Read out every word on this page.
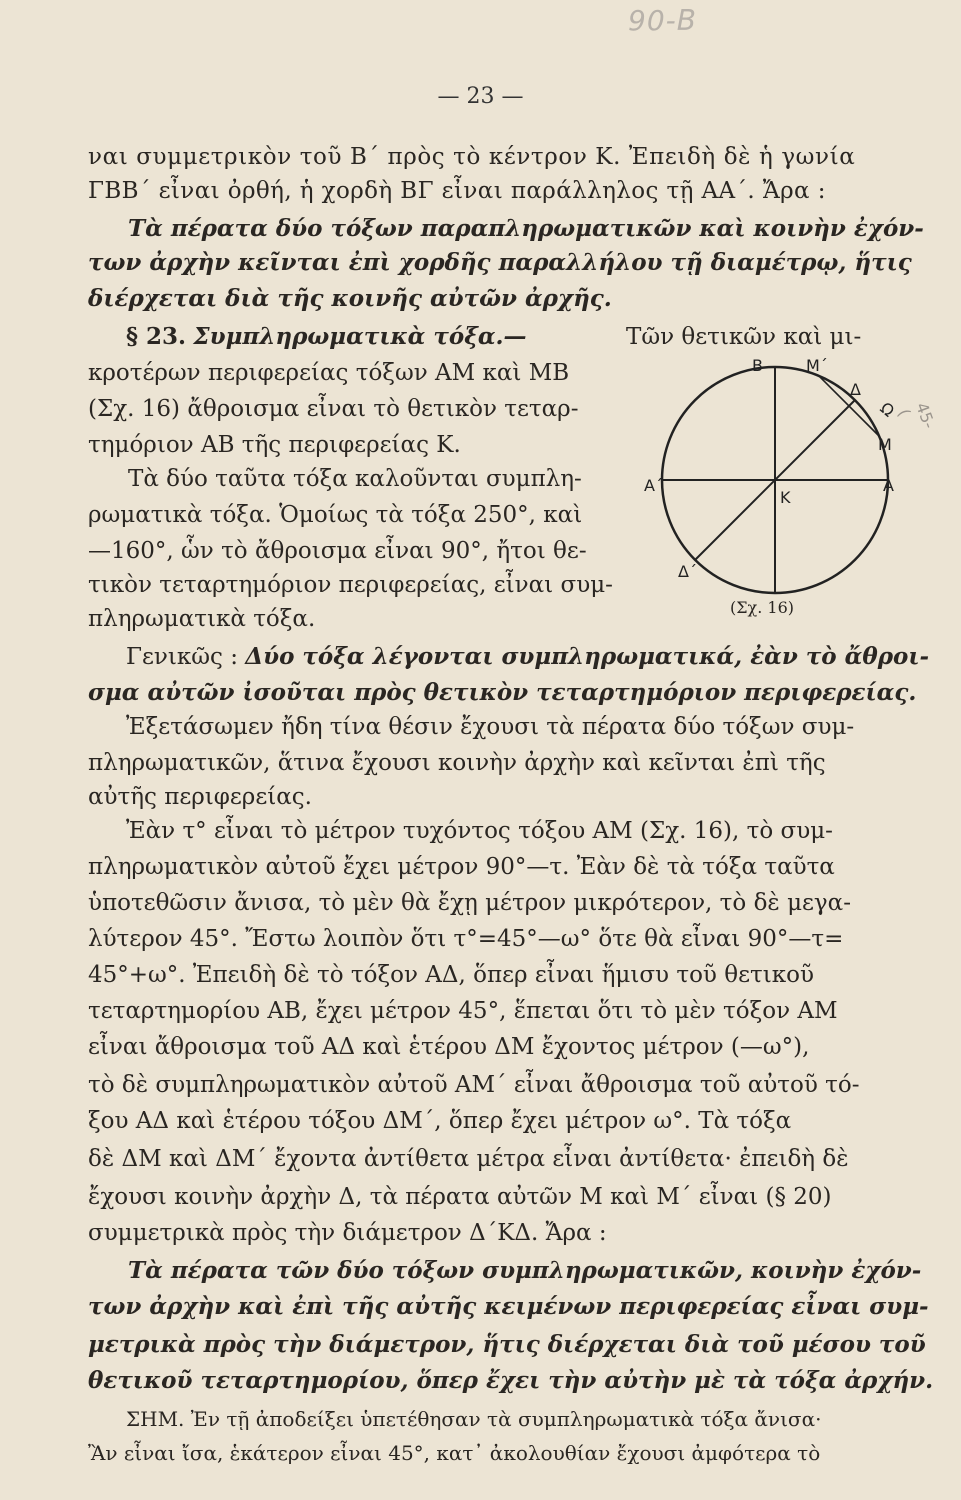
90-Β
— 23 —
ναι συμμετρικὸν τοῦ Β΄ πρὸς τὸ κέντρον Κ. Ἐπειδὴ δὲ ἡ γωνία
ΓΒΒ΄ εἶναι ὀρθή, ἡ χορδὴ ΒΓ εἶναι παράλληλος τῇ ΑΑ΄. Ἄρα :
Τὰ πέρατα δύο τόξων παραπληρωματικῶν καὶ κοινὴν ἐχόν-
των ἀρχὴν κεῖνται ἐπὶ χορδῆς παραλλήλου τῇ διαμέτρῳ, ἥτις
διέρχεται διὰ τῆς κοινῆς αὐτῶν ἀρχῆς.
§ 23. Συμπληρωματικὰ τόξα.—	Τῶν θετικῶν καὶ μι-
κροτέρων περιφερείας τόξων ΑΜ καὶ ΜΒ
(Σχ. 16) ἄθροισμα εἶναι τὸ θετικὸν τεταρ-
τημόριον ΑΒ τῆς περιφερείας Κ.
Τὰ δύο ταῦτα τόξα καλοῦνται συμπλη-
ρωματικὰ τόξα. Ὁμοίως τὰ τόξα 250°, καὶ
—160°, ὧν τὸ ἄθροισμα εἶναι 90°, ἤτοι θε-
τικὸν τεταρτημόριον περιφερείας, εἶναι συμ-
πληρωματικὰ τόξα.
Γενικῶς : Δύο τόξα λέγονται συμπληρωματικά, ἐὰν τὸ ἄθροι-
σμα αὐτῶν ἰσοῦται πρὸς θετικὸν τεταρτημόριον περιφερείας.
Ἐξετάσωμεν ἤδη τίνα θέσιν ἔχουσι τὰ πέρατα δύο τόξων συμ-
πληρωματικῶν, ἅτινα ἔχουσι κοινὴν ἀρχὴν καὶ κεῖνται ἐπὶ τῆς
αὐτῆς περιφερείας.
Ἐὰν τ° εἶναι τὸ μέτρον τυχόντος τόξου ΑΜ (Σχ. 16), τὸ συμ-
πληρωματικὸν αὐτοῦ ἔχει μέτρον 90°—τ. Ἐὰν δὲ τὰ τόξα ταῦτα
ὑποτεθῶσιν ἄνισα, τὸ μὲν θὰ ἔχῃ μέτρον μικρότερον, τὸ δὲ μεγα-
λύτερον 45°. Ἔστω λοιπὸν ὅτι τ°=45°—ω° ὅτε θὰ εἶναι 90°—τ=
45°+ω°. Ἐπειδὴ δὲ τὸ τόξον ΑΔ, ὅπερ εἶναι ἥμισυ τοῦ θετικοῦ
τεταρτημορίου ΑΒ, ἔχει μέτρον 45°, ἕπεται ὅτι τὸ μὲν τόξον ΑΜ
εἶναι ἄθροισμα τοῦ ΑΔ καὶ ἑτέρου ΔΜ ἔχοντος μέτρον (—ω°),
τὸ δὲ συμπληρωματικὸν αὐτοῦ ΑΜ΄ εἶναι ἄθροισμα τοῦ αὐτοῦ τό-
ξου ΑΔ καὶ ἑτέρου τόξου ΔΜ΄, ὅπερ ἔχει μέτρον ω°. Τὰ τόξα
δὲ ΔΜ καὶ ΔΜ΄ ἔχοντα ἀντίθετα μέτρα εἶναι ἀντίθετα· ἐπειδὴ δὲ
ἔχουσι κοινὴν ἀρχὴν Δ, τὰ πέρατα αὐτῶν Μ καὶ Μ΄ εἶναι (§ 20)
συμμετρικὰ πρὸς τὴν διάμετρον Δ΄ΚΔ. Ἄρα :
Τὰ πέρατα τῶν δύο τόξων συμπληρωματικῶν, κοινὴν ἐχόν-
των ἀρχὴν καὶ ἐπὶ τῆς αὐτῆς κειμένων περιφερείας εἶναι συμ-
μετρικὰ πρὸς τὴν διάμετρον, ἥτις διέρχεται διὰ τοῦ μέσου τοῦ
θετικοῦ τεταρτημορίου, ὅπερ ἔχει τὴν αὐτὴν μὲ τὰ τόξα ἀρχήν.
ΣΗΜ. Ἐν τῇ ἀποδείξει ὑπετέθησαν τὰ συμπληρωματικὰ τόξα ἄνισα·
Ἂν εἶναι ἴσα, ἑκάτερον εἶναι 45°, κατ᾿ ἀκολουθίαν ἔχουσι ἀμφότερα τὸ
45-(
Β	Μ΄
Δ
Ω
Μ
Α
Α΄
Κ
Δ΄
(Σχ. 16)
